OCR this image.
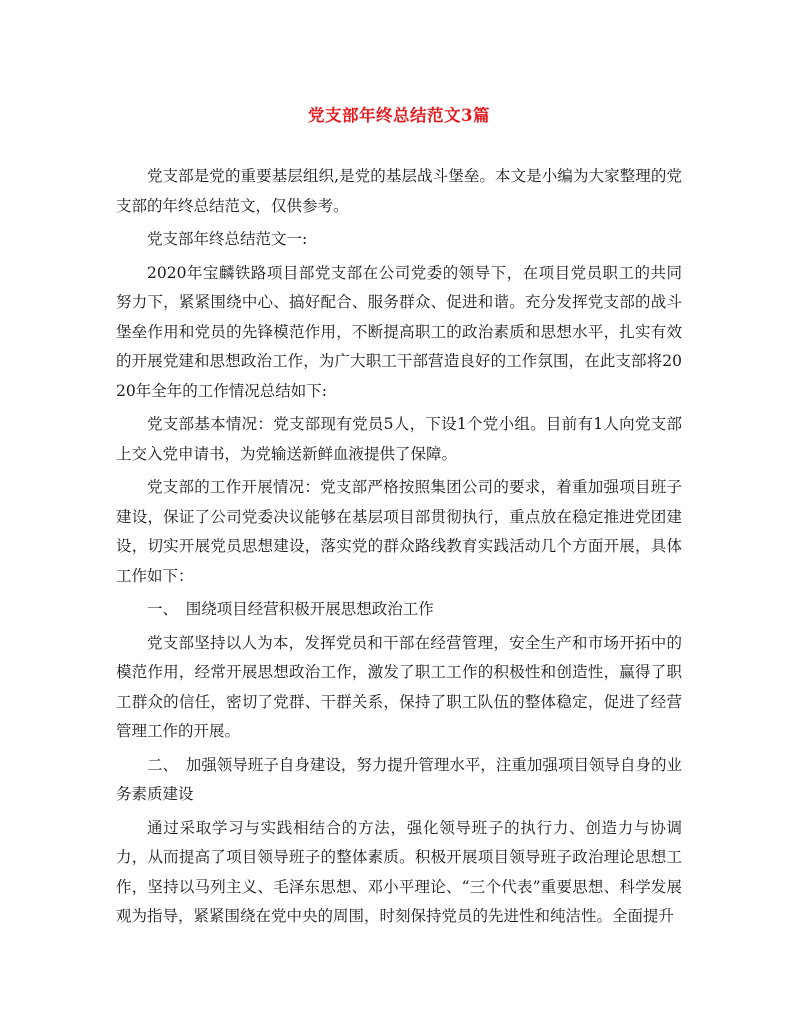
党支部年终总结范文3篇

党支部是党的重要基层组织,是党的基层战斗堡垒。本文是小编为大家整理的党支部的年终总结范文，仅供参考。

党支部年终总结范文一:

2020年宝麟铁路项目部党支部在公司党委的领导下，在项目党员职工的共同努力下，紧紧围绕中心、搞好配合、服务群众、促进和谐。充分发挥党支部的战斗堡垒作用和党员的先锋模范作用，不断提高职工的政治素质和思想水平，扎实有效的开展党建和思想政治工作，为广大职工干部营造良好的工作氛围，在此支部将2020年全年的工作情况总结如下:

党支部基本情况：党支部现有党员5人，下设1个党小组。目前有1人向党支部上交入党申请书，为党输送新鲜血液提供了保障。

党支部的工作开展情况：党支部严格按照集团公司的要求，着重加强项目班子建设，保证了公司党委决议能够在基层项目部贯彻执行，重点放在稳定推进党团建设，切实开展党员思想建设，落实党的群众路线教育实践活动几个方面开展，具体工作如下：

一、　围绕项目经营积极开展思想政治工作

党支部坚持以人为本，发挥党员和干部在经营管理，安全生产和市场开拓中的模范作用，经常开展思想政治工作，激发了职工工作的积极性和创造性，赢得了职工群众的信任，密切了党群、干群关系，保持了职工队伍的整体稳定，促进了经营管理工作的开展。

二、　加强领导班子自身建设，努力提升管理水平，注重加强项目领导自身的业务素质建设

通过采取学习与实践相结合的方法，强化领导班子的执行力、创造力与协调力，从而提高了项目领导班子的整体素质。积极开展项目领导班子政治理论思想工作，坚持以马列主义、毛泽东思想、邓小平理论、“三个代表”重要思想、科学发展观为指导，紧紧围绕在党中央的周围，时刻保持党员的先进性和纯洁性。全面提升
